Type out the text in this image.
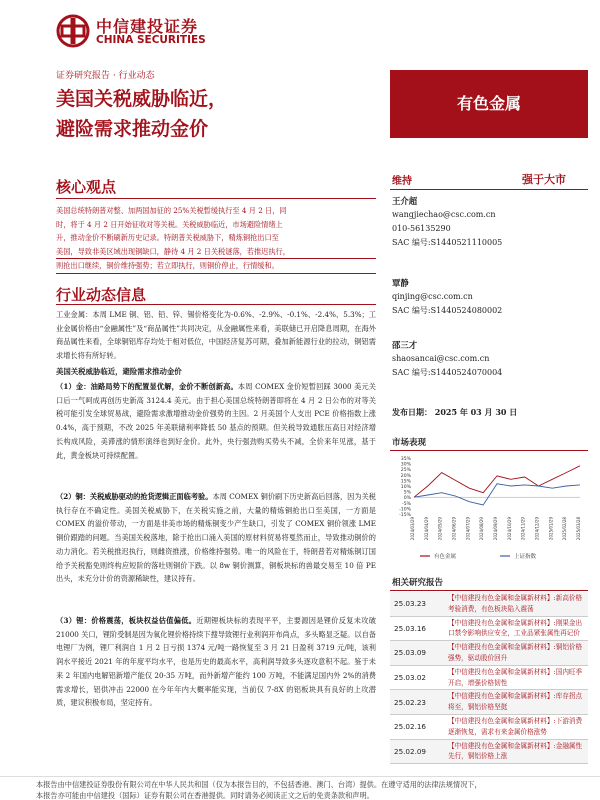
中信建投证券
CHINA SECURITIES
证券研究报告 · 行业动态
美国关税威胁临近，
避险需求推动金价
有色金属
核心观点
美国总统特朗普对整、加两国加征的 25%关税暂缓执行至 4 月 2 日，同
时，将于 4 月 2 日开始征收对等关税。关税威胁临近，市场避险情绪上
升，推动金价不断刷新历史记录。特朗普关税威胁下，精炼铜抢出口至
美国，导致非美区域出现铜缺口，静待 4 月 2 日关税谜落，若推迟执行，
则抢出口继续，铜价维持强势；若立即执行，则铜价停止，行情缓和。
行业动态信息
工业金属：本周 LME 铜、铝、铅、锌、锡价格变化为-0.6%、-2.9%、-0.1%、-2.4%、5.3%；工业金属价格由“金融属性”及“商品属性”共同决定，从金融属性来看，美联储已开启降息周期，在海外商品属性来看，全球铜铝库存均处于相对低位，中国经济复苏可期，叠加新能源行业的拉动，铜铝需求增长将有所好转。
美国关税威胁临近，避险需求推动金价
（1）金：油路局势下的配置显优解，金价不断创新高。本周 COMEX 金价短暂回踩 3000 美元关口后一气呵成再创历史新高 3124.4 美元。由于担心美国总统特朗普即将在 4 月 2 日公布的对等关税可能引发全球贸易战，避险需求激增推动金价强势的主因。2 月美国个人支出 PCE 价格指数上涨 0.4%，高于预期，不改 2025 年美联储利率降低 50 基点的预期。但关税导致通胀压高日对经济增长构成风险，美滞涨的情形演绎也到好金价。此外，央行强劲购买势头不减，全价来年见涨，基于此，黄金板块可持续配置。
（2）铜：关税威胁驱动的抢货逻辑正面临考验。本周 COMEX 铜价刷下历史新高后回落，因为关税执行存在不确定性。美国关税威胁下，在关税实施之前，大量的精炼铜抢出口至美国，一方面是 COMEX 的溢价带动，一方面是非美市场的精炼铜变少产生缺口，引发了 COMEX 铜价领涨 LME 铜价跟踏的问题。当美国关税落地，除于抢出口涌入美国的原材料贸易将戛然而止，导致推动铜价的动力消化。若关税推迟执行，则雌资推涨，价格维持强势。唯一的风险在于，特朗普若对精炼铜订国给予关税豁免则终构应短阶的落吐则铜价下跌。以 8w 铜价测算，铜板块标的兽最交易至 10 倍 PE 出头，未充分计价的资源稀缺性，建议持有。
（3）锂：价格震荡，板块权益估值偏低。近期锂板块标的表现平平，主要源因是锂价反复未攻破 21000 关口，锂阶受制是因为氧化锂价格持续下搜导致锂行业利润开布尚点，多头略显乏疑。以自备电锂厂为例，锂厂利润自 1 月 2 日亏损 1374 元/吨一路恢复至 3 月 21 日盈利 3719 元/吨，该利润水平接近 2021 年的年度平均水平，也是历史的最高水平，高利润导致多头逐攻意积不起。鉴于未来 2 年国内电解铝新增产能仅 20-35 万吨，而外新增产能约 100 万吨，不能满足国内外 2%的消费需求增长，铝供冲击 22000 在今年年内大概率能实现，当前仅 7-8X 的铝板块具有良好的上攻潜质，建议积极布局，坚定持有。
维持	强于大市
王介超
wangjiechao@csc.com.cn
010-56135290
SAC 编号:S1440521110005
覃静
qinjing@csc.com.cn
SAC 编号:S1440524080002
邵三才
shaosancai@csc.com.cn
SAC 编号:S1440524070004
发布日期： 2025 年 03 月 30 日
市场表现
35%
30%
25%
20%
15%
10%
5%
0%
-5%
-10%
-15%
2024/03/29 2024/04/29 2024/05/29 2024/06/29 2024/07/29 2024/08/29 2024/09/29 2024/10/29 2024/11/29 2024/12/29 2025/01/29 2025/02/28 2025/03/28
有色金属	上证指数
相关研究报告
25.03.23
【中信建投有色金属和金属新材料】:新高价格考验消费，有色板块陷入震荡
25.03.16
【中信建投有色金属和金属新材料】:刚果金出口禁令影响供应安全，工业品紧张属性再记价
25.03.09
【中信建投有色金属和金属新材料】:铜铝价格强势，驱动股价回升
25.03.02
【中信建投有色金属和金属新材料】:国内旺季开启，增强价格韧性
25.02.23
【中信建投有色金属和金属新材料】:库存拐点将至，铜铝价格坚挺
25.02.16
【中信建投有色金属和金属新材料】:下游消费逐渐恢复，需求有来金属价格涨势
25.02.09
【中信建投有色金属和金属新材料】:金融属性先行，铜铝价格上涨
本报告由中信建投证券股份有限公司在中华人民共和国（仅为本报告目的，不包括香港、澳门、台湾）提供。在遵守适用的法律法规情况下，
本报告亦可能由中信建投（国际）证券有限公司在香港提供。同时请务必阅读正文之后的免责条款和声明。
